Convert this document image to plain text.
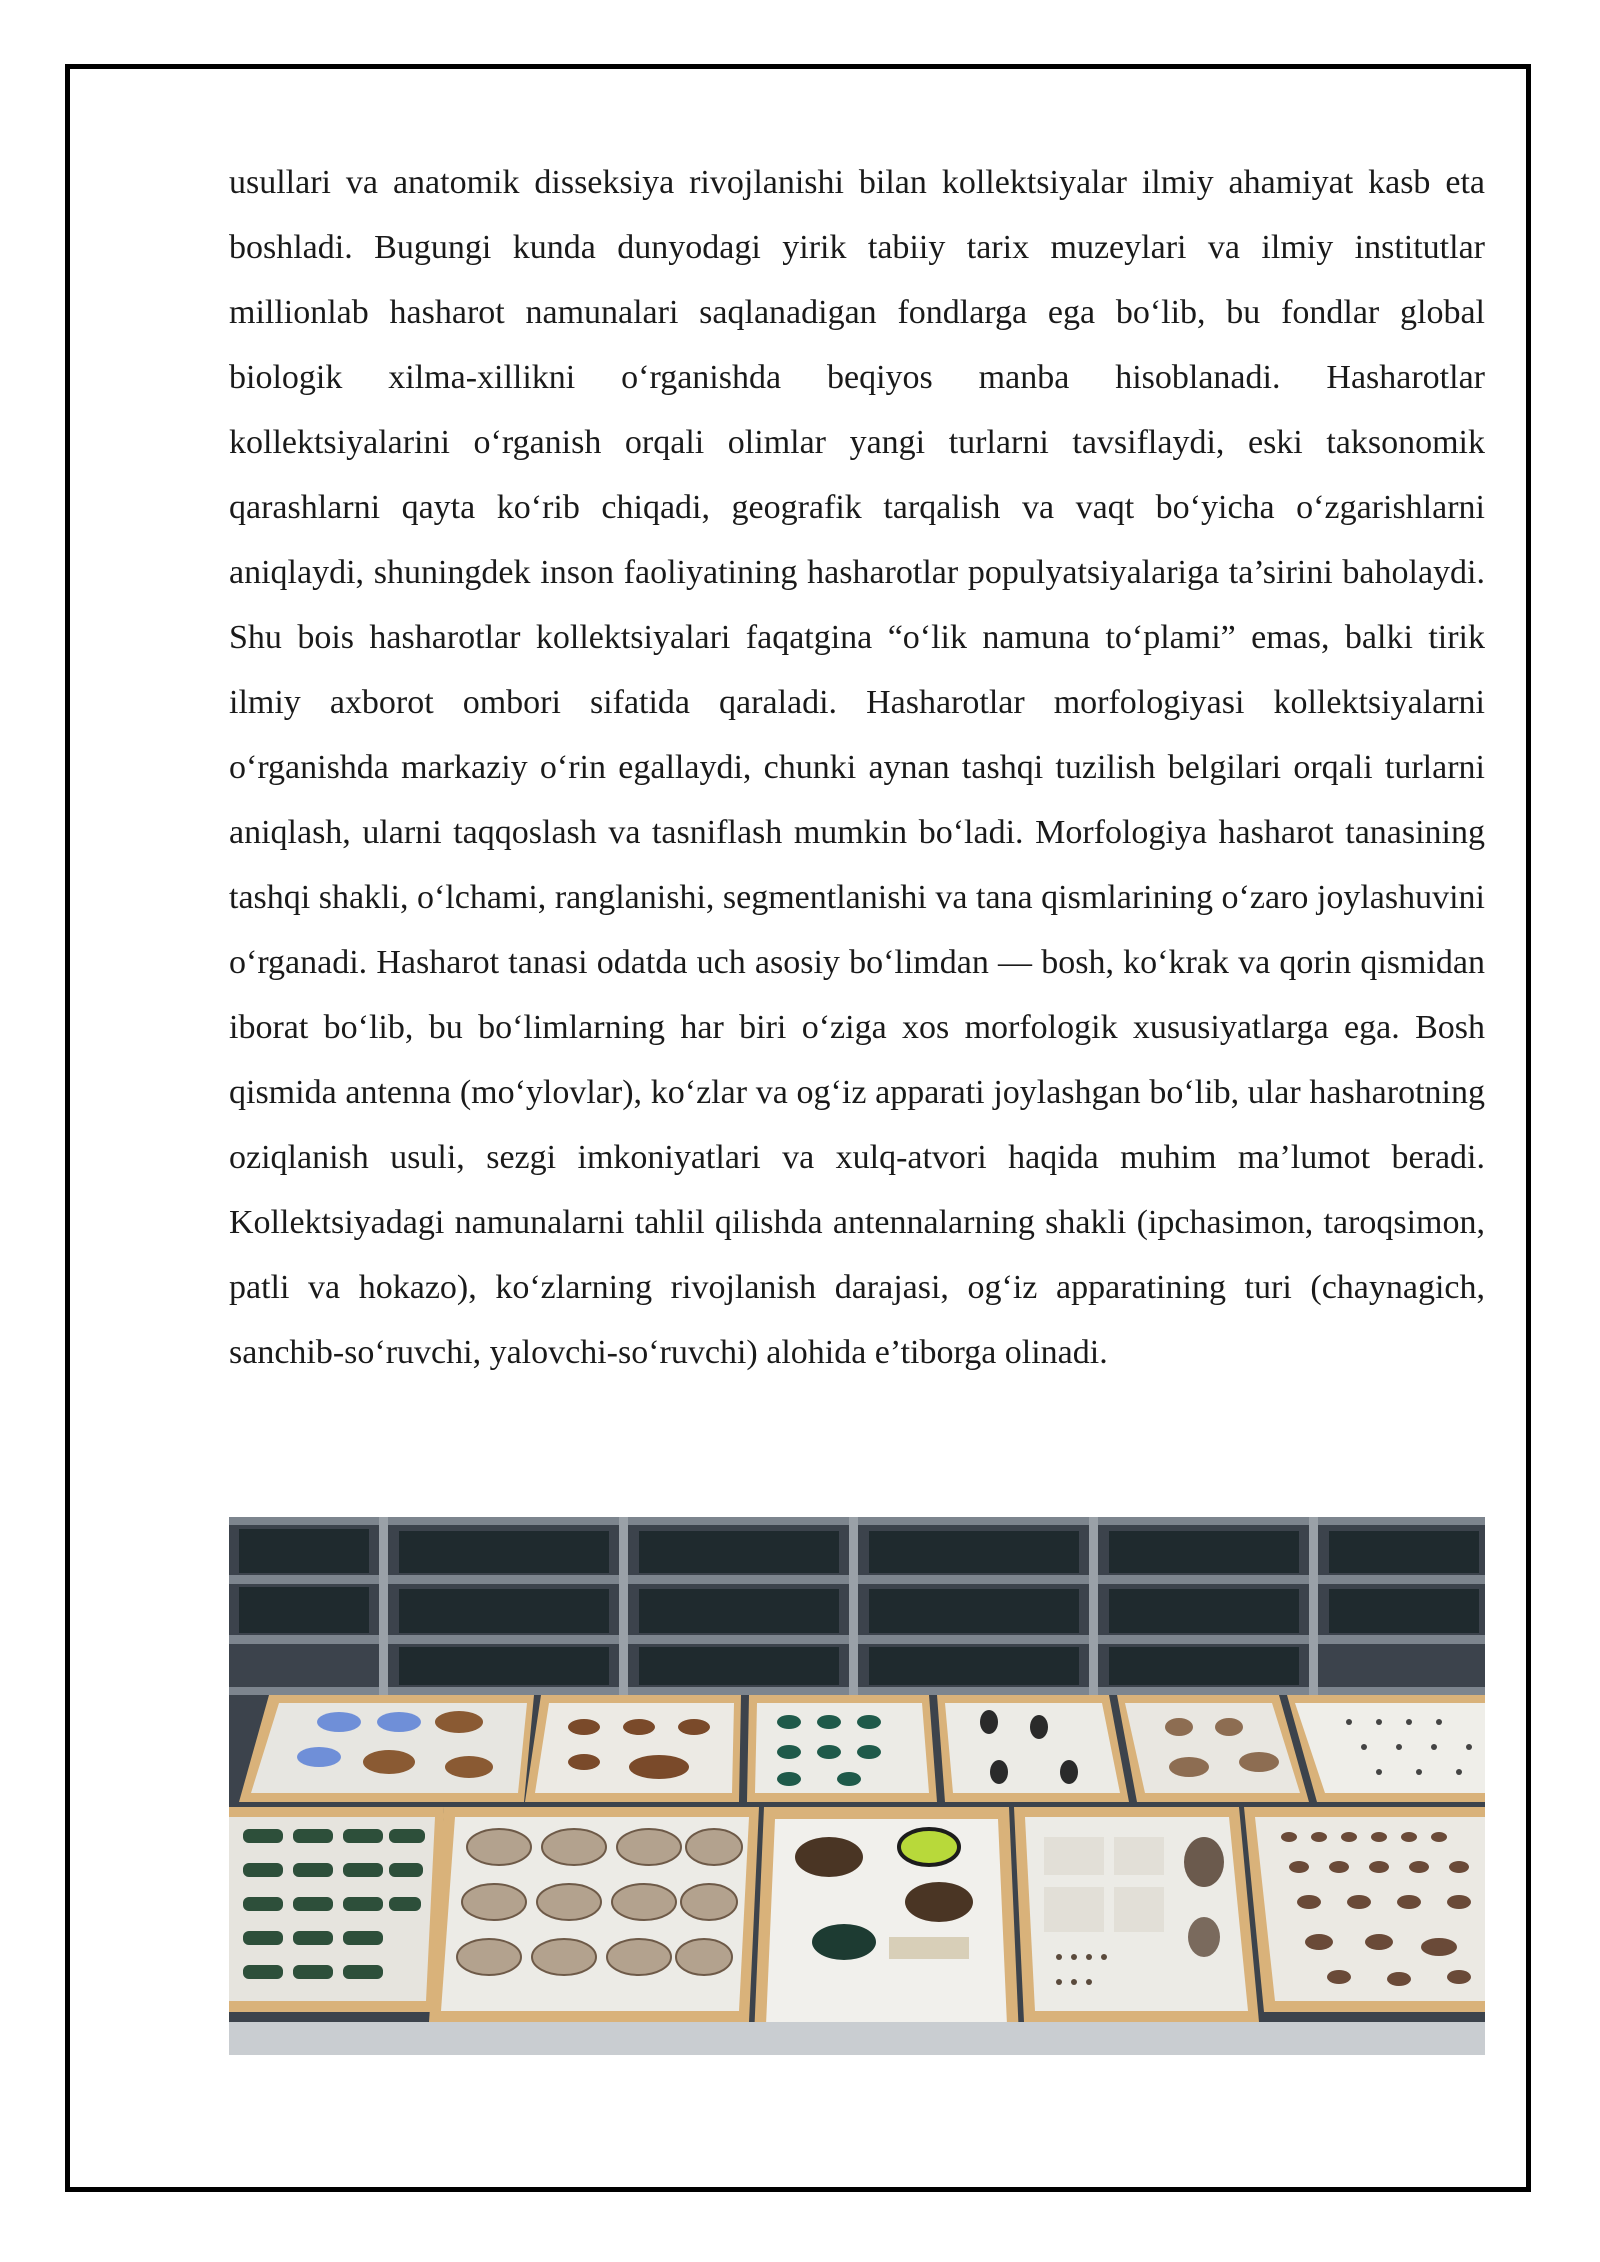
usullari va anatomik disseksiya rivojlanishi bilan kollektsiyalar ilmiy ahamiyat kasb eta boshladi. Bugungi kunda dunyodagi yirik tabiiy tarix muzeylari va ilmiy institutlar millionlab hasharot namunalari saqlanadigan fondlarga ega bo‘lib, bu fondlar global biologik xilma-xillikni o‘rganishda beqiyos manba hisoblanadi. Hasharotlar kollektsiyalarini o‘rganish orqali olimlar yangi turlarni tavsiflaydi, eski taksonomik qarashlarni qayta ko‘rib chiqadi, geografik tarqalish va vaqt bo‘yicha o‘zgarishlarni aniqlaydi, shuningdek inson faoliyatining hasharotlar populyatsiyalariga ta’sirini baholaydi. Shu bois hasharotlar kollektsiyalari faqatgina “o‘lik namuna to‘plami” emas, balki tirik ilmiy axborot ombori sifatida qaraladi. Hasharotlar morfologiyasi kollektsiyalarni o‘rganishda markaziy o‘rin egallaydi, chunki aynan tashqi tuzilish belgilari orqali turlarni aniqlash, ularni taqqoslash va tasniflash mumkin bo‘ladi. Morfologiya hasharot tanasining tashqi shakli, o‘lchami, ranglanishi, segmentlanishi va tana qismlarining o‘zaro joylashuvini o‘rganadi. Hasharot tanasi odatda uch asosiy bo‘limdan — bosh, ko‘krak va qorin qismidan iborat bo‘lib, bu bo‘limlarning har biri o‘ziga xos morfologik xususiyatlarga ega. Bosh qismida antenna (mo‘ylovlar), ko‘zlar va og‘iz apparati joylashgan bo‘lib, ular hasharotning oziqlanish usuli, sezgi imkoniyatlari va xulq-atvori haqida muhim ma’lumot beradi. Kollektsiyadagi namunalarni tahlil qilishda antennalarning shakli (ipchasimon, taroqsimon, patli va hokazo), ko‘zlarning rivojlanish darajasi, og‘iz apparatining turi (chaynagich, sanchib-so‘ruvchi, yalovchi-so‘ruvchi) alohida e’tiborga olinadi.
